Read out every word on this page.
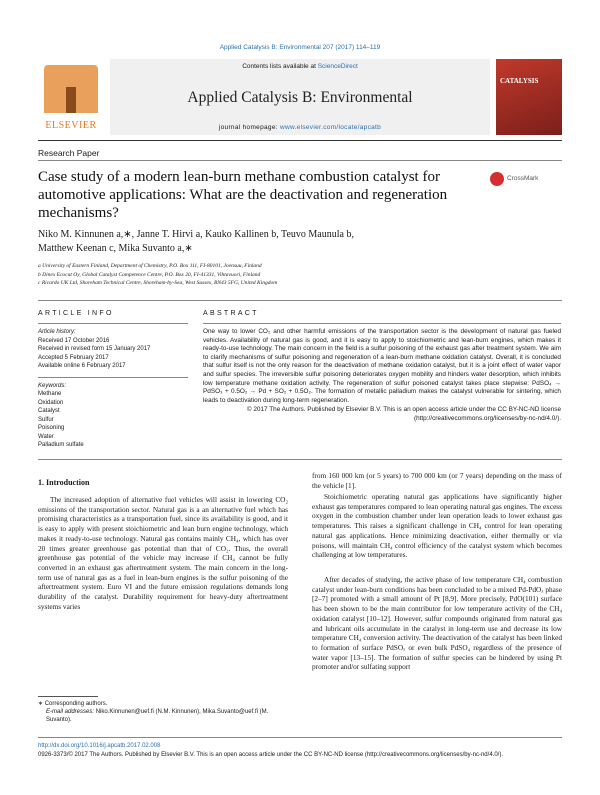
Applied Catalysis B: Environmental 207 (2017) 114–119
ELSEVIER
Contents lists available at ScienceDirect
Applied Catalysis B: Environmental
journal homepage: www.elsevier.com/locate/apcatb
CATALYSIS
Research Paper
Case study of a modern lean-burn methane combustion catalyst for automotive applications: What are the deactivation and regeneration mechanisms?
CrossMark
Niko M. Kinnunen a,∗, Janne T. Hirvi a, Kauko Kallinen b, Teuvo Maunula b,
Matthew Keenan c, Mika Suvanto a,∗
a University of Eastern Finland, Department of Chemistry, P.O. Box 111, FI-80101, Joensuu, Finland
b Dinex Ecocat Oy, Global Catalyst Competence Centre, P.O. Box 20, FI-41331, Vihtavuori, Finland
c Ricardo UK Ltd, Shoreham Technical Centre, Shoreham-by-Sea, West Sussex, BN43 5FG, United Kingdom
ARTICLE INFO
Article history:
Received 17 October 2016
Received in revised form 15 January 2017
Accepted 5 February 2017
Available online 6 February 2017
Keywords:
Methane
Oxidation
Catalyst
Sulfur
Poisoning
Water
Palladium sulfate
ABSTRACT
One way to lower CO₂ and other harmful emissions of the transportation sector is the development of natural gas fueled vehicles. Availability of natural gas is good, and it is easy to apply to stoichiometric and lean-burn engines, which makes it ready-to-use technology. The main concern in the field is a sulfur poisoning of the exhaust gas after treatment system. We aim to clarify mechanisms of sulfur poisoning and regeneration of a lean-burn methane oxidation catalyst. Overall, it is concluded that sulfur itself is not the only reason for the deactivation of methane oxidation catalyst, but it is a joint effect of water vapor and sulfur species. The irreversible sulfur poisoning deteriorates oxygen mobility and hinders water desorption, which inhibits low temperature methane oxidation activity. The regeneration of sulfur poisoned catalyst takes place stepwise: PdSO₄ → PdSO₃ + 0.5O₂ → Pd + SO₂ + 0.5O₂. The formation of metallic palladium makes the catalyst vulnerable for sintering, which leads to deactivation during long-term regeneration.
© 2017 The Authors. Published by Elsevier B.V. This is an open access article under the CC BY-NC-ND license (http://creativecommons.org/licenses/by-nc-nd/4.0/).
1. Introduction
The increased adoption of alternative fuel vehicles will assist in lowering CO₂ emissions of the transportation sector. Natural gas is a an alternative fuel which has promising characteristics as a transportation fuel, since its availability is good, and it is easy to apply with present stoichiometric and lean burn engine technology, which makes it ready-to-use technology. Natural gas contains mainly CH₄, which has over 20 times greater greenhouse gas potential than that of CO₂. Thus, the overall greenhouse gas potential of the vehicle may increase if CH₄ cannot be fully converted in an exhaust gas aftertreatment system. The main concern in the long-term use of natural gas as a fuel in lean-burn engines is the sulfur poisoning of the aftertreatment system. Euro VI and the future emission regulations demands long durability of the catalyst. Durability requirement for heavy-duty aftertreatment systems varies
from 160 000 km (or 5 years) to 700 000 km (or 7 years) depending on the mass of the vehicle [1].
Stoichiometric operating natural gas applications have significantly higher exhaust gas temperatures compared to lean operating natural gas engines. The excess oxygen in the combustion chamber under lean operation leads to lower exhaust gas temperatures. This raises a significant challenge in CH₄ control for lean operating natural gas applications. Hence minimizing deactivation, either thermally or via poisons, will maintain CH₄ control efficiency of the catalyst system which becomes challenging at low temperatures.
After decades of studying, the active phase of low temperature CH₄ combustion catalyst under lean-burn conditions has been concluded to be a mixed Pd-PdOₓ phase [2–7] promoted with a small amount of Pt [8,9]. More precisely, PdO(101) surface has been shown to be the main contributor for low temperature activity of the CH₄ oxidation catalyst [10–12]. However, sulfur compounds originated from natural gas and lubricant oils accumulate in the catalyst in long-term use and decrease its low temperature CH₄ conversion activity. The deactivation of the catalyst has been linked to formation of surface PdSOₓ or even bulk PdSO₄ regardless of the presence of water vapor [13–15]. The formation of sulfur species can be hindered by using Pt promoter and/or sulfating support
∗ Corresponding authors.
E-mail addresses: Niko.Kinnunen@uef.fi (N.M. Kinnunen), Mika.Suvanto@uef.fi (M. Suvanto).
http://dx.doi.org/10.1016/j.apcatb.2017.02.008
0926-3373/© 2017 The Authors. Published by Elsevier B.V. This is an open access article under the CC BY-NC-ND license (http://creativecommons.org/licenses/by-nc-nd/4.0/).
